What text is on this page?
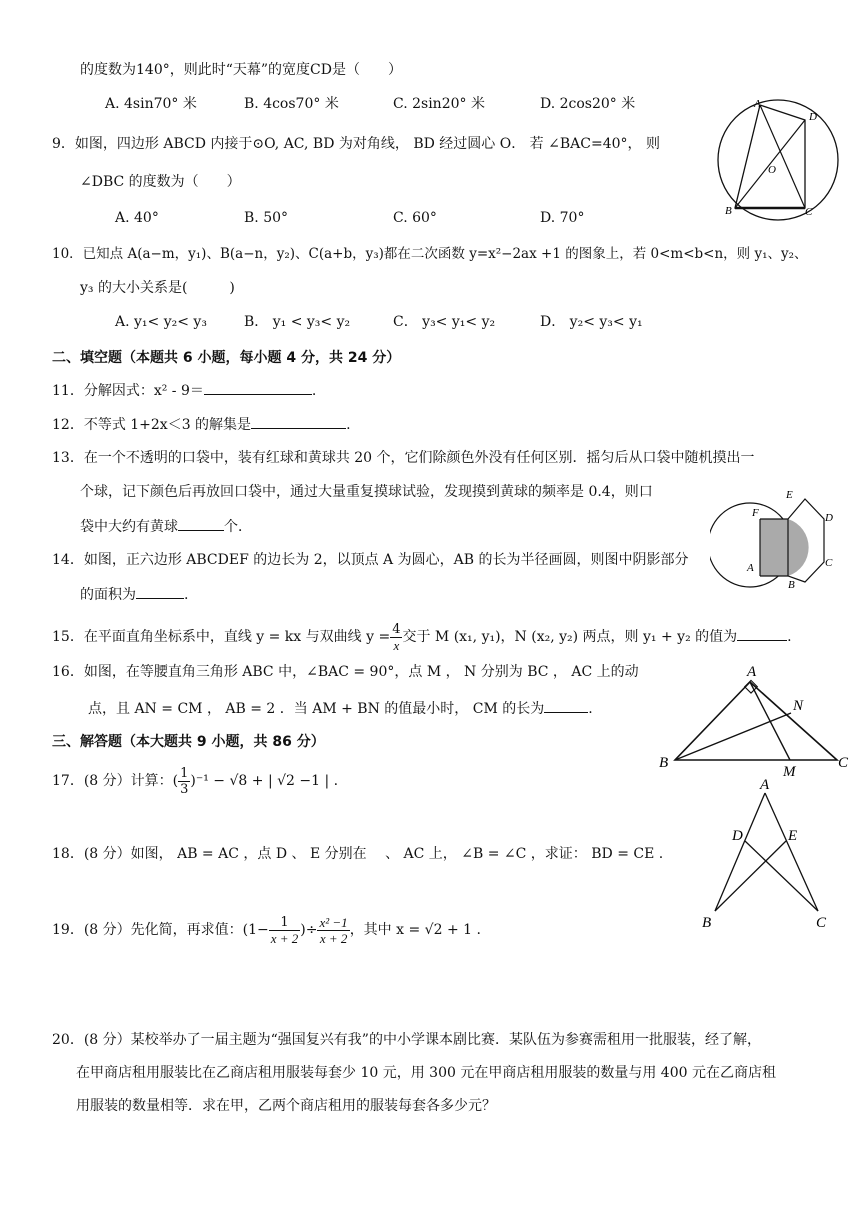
的度数为140°，则此时“天幕”的宽度CD是（　　）
A. 4sin70° 米	B. 4cos70° 米	C. 2sin20° 米	D. 2cos20° 米
9．如图，四边形 ABCD 内接于⊙O, AC, BD 为对角线， BD 经过圆心 O． 若 ∠BAC=40°， 则
∠DBC 的度数为（　　）
A. 40°	B. 50°	C. 60°	D. 70°
A
D
B	C
O
10．已知点 A(a−m，y₁)、B(a−n，y₂)、C(a+b，y₃)都在二次函数 y=x²−2ax +1 的图象上，若 0<m<b<n，则 y₁、y₂、
y₃ 的大小关系是(　　　)
A. y₁< y₂< y₃	B． y₁ < y₃< y₂	C． y₃< y₁< y₂	D． y₂< y₃< y₁
二、填空题（本题共 6 小题，每小题 4 分，共 24 分）
11．分解因式：x² - 9＝	.
12．不等式 1+2x＜3 的解集是	.
13．在一个不透明的口袋中，装有红球和黄球共 20 个，它们除颜色外没有任何区别．摇匀后从口袋中随机摸出一
个球，记下颜色后再放回口袋中，通过大量重复摸球试验，发现摸到黄球的频率是 0.4，则口
袋中大约有黄球	个．
F
E
D
C
B
A
14．如图，正六边形 ABCDEF 的边长为 2，以顶点 A 为圆心，AB 的长为半径画圆，则图中阴影部分
的面积为	.
15．在平面直角坐标系中，直线 y = kx 与双曲线 $y = \frac{4}{x}$ 交于 M (x₁, y₁)，N (x₂, y₂) 两点，则 y₁ + y₂ 的值为	.
16．如图，在等腰直角三角形 ABC 中，∠BAC = 90°，点 M ， N 分别为 BC ， AC 上的动
点，且 AN = CM ， AB = 2 ．当 AM + BN 的值最小时， CM 的长为	.
A
N
B
M
C
三、解答题（本大题共 9 小题，共 86 分）
17．(8 分）计算：( $\frac{1}{3} )^{-1} - √8$ + | √2 −1 | .	A
D	E
B	C
18．(8 分）如图， AB = AC ，点 D 、 E 分别在　 、 AC 上， ∠B = ∠C ，求证： BD = CE .
19．(8 分）先化简，再求值：($1- \frac{1}{x + 2}$ )÷ $\frac{\text{x² −1}}{x + 2}$ ，其中 x = √2 + 1 .
20．(8 分）某校举办了一届主题为“强国复兴有我”的中小学课本剧比赛．某队伍为参赛需租用一批服装，经了解，
在甲商店租用服装比在乙商店租用服装每套少 10 元，用 300 元在甲商店租用服装的数量与用 400 元在乙商店租
用服装的数量相等．求在甲，乙两个商店租用的服装每套各多少元？
